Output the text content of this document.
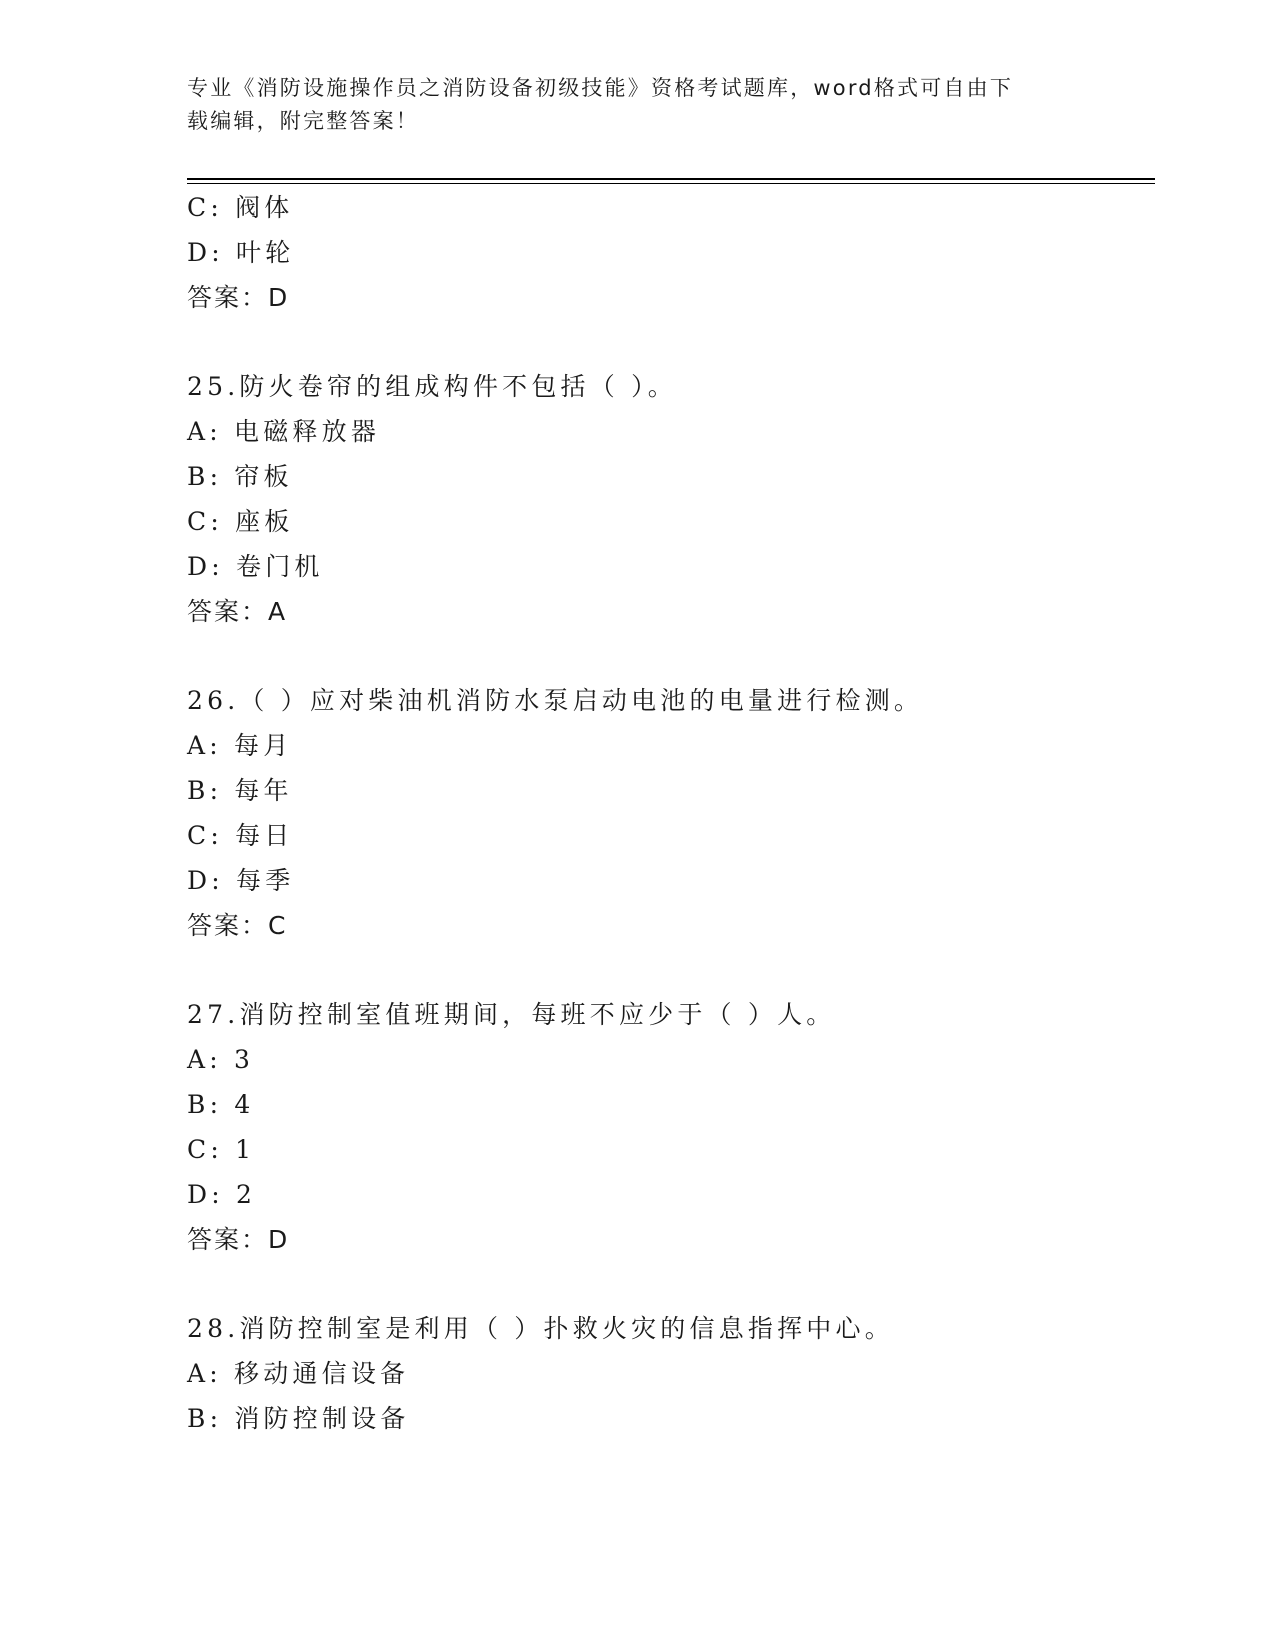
专业《消防设施操作员之消防设备初级技能》资格考试题库，word格式可自由下
载编辑，附完整答案！
C: 阀体
D: 叶轮
答案：D
25.防火卷帘的组成构件不包括（ ）。
A: 电磁释放器
B: 帘板
C: 座板
D: 卷门机
答案：A
26.（ ）应对柴油机消防水泵启动电池的电量进行检测。
A: 每月
B: 每年
C: 每日
D: 每季
答案：C
27.消防控制室值班期间，每班不应少于（ ）人。
A: 3
B: 4
C: 1
D: 2
答案：D
28.消防控制室是利用（ ）扑救火灾的信息指挥中心。
A: 移动通信设备
B: 消防控制设备
